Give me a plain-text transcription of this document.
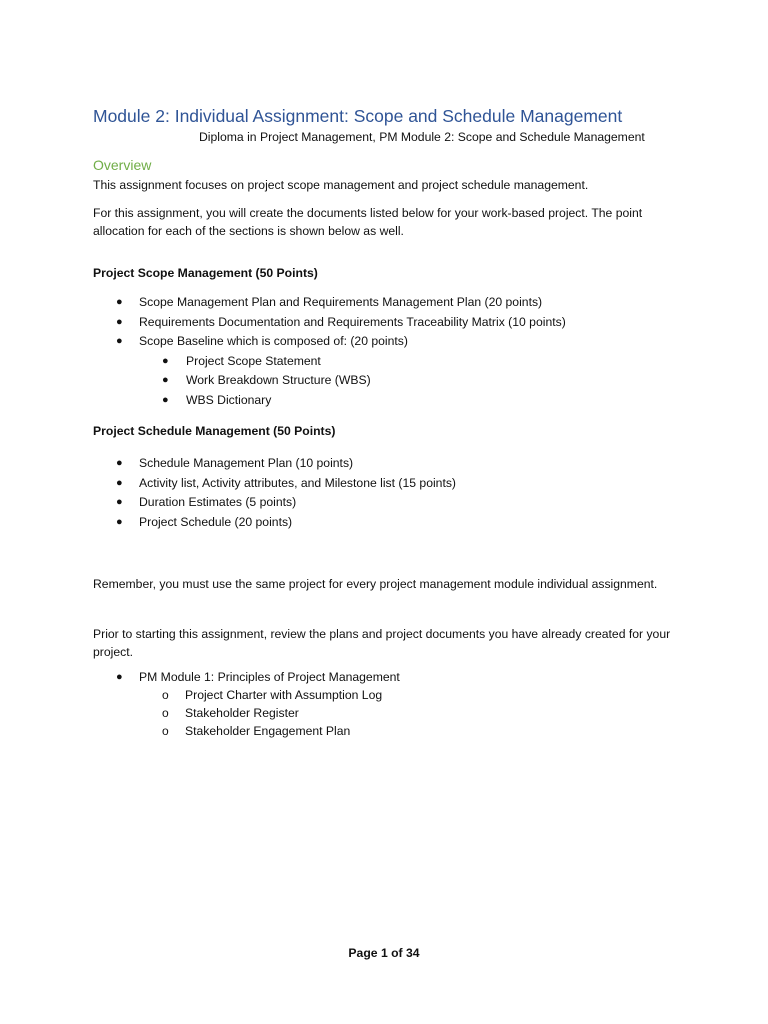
Module 2: Individual Assignment: Scope and Schedule Management
Diploma in Project Management, PM Module 2: Scope and Schedule Management
Overview
This assignment focuses on project scope management and project schedule management.
For this assignment, you will create the documents listed below for your work-based project. The point allocation for each of the sections is shown below as well.
Project Scope Management (50 Points)
● Scope Management Plan and Requirements Management Plan (20 points)
● Requirements Documentation and Requirements Traceability Matrix (10 points)
● Scope Baseline which is composed of: (20 points)
● Project Scope Statement
● Work Breakdown Structure (WBS)
● WBS Dictionary
Project Schedule Management (50 Points)
● Schedule Management Plan (10 points)
● Activity list, Activity attributes, and Milestone list (15 points)
● Duration Estimates (5 points)
● Project Schedule (20 points)
Remember, you must use the same project for every project management module individual assignment.
Prior to starting this assignment, review the plans and project documents you have already created for your project.
● PM Module 1: Principles of Project Management
o Project Charter with Assumption Log
o Stakeholder Register
o Stakeholder Engagement Plan
Page 1 of 34
